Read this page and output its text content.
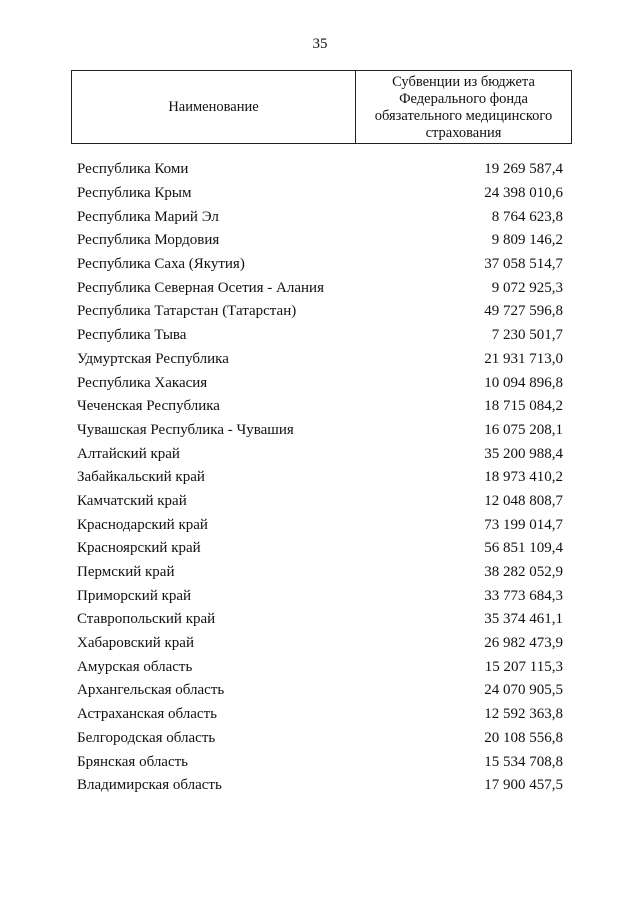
35
Наименование	
Субвенции из бюджета
Федерального фонда
обязательного медицинского
страхования
Республика Коми	19 269 587,4
Республика Крым	24 398 010,6
Республика Марий Эл	8 764 623,8
Республика Мордовия	9 809 146,2
Республика Саха (Якутия)	37 058 514,7
Республика Северная Осетия - Алания	9 072 925,3
Республика Татарстан (Татарстан)	49 727 596,8
Республика Тыва	7 230 501,7
Удмуртская Республика	21 931 713,0
Республика Хакасия	10 094 896,8
Чеченская Республика	18 715 084,2
Чувашская Республика - Чувашия	16 075 208,1
Алтайский край	35 200 988,4
Забайкальский край	18 973 410,2
Камчатский край	12 048 808,7
Краснодарский край	73 199 014,7
Красноярский край	56 851 109,4
Пермский край	38 282 052,9
Приморский край	33 773 684,3
Ставропольский край	35 374 461,1
Хабаровский край	26 982 473,9
Амурская область	15 207 115,3
Архангельская область	24 070 905,5
Астраханская область	12 592 363,8
Белгородская область	20 108 556,8
Брянская область	15 534 708,8
Владимирская область	17 900 457,5
